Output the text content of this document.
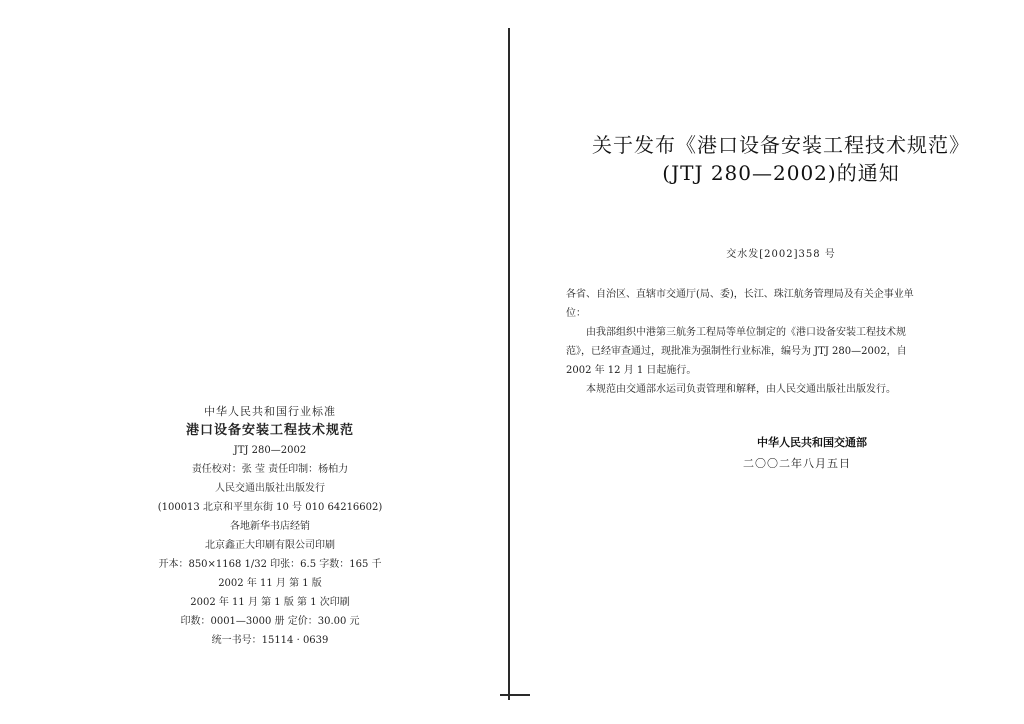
中华人民共和国行业标准
港口设备安装工程技术规范
JTJ 280—2002
责任校对：张 莹 责任印制：杨柏力
人民交通出版社出版发行
(100013 北京和平里东街 10 号 010 64216602)
各地新华书店经销
北京鑫正大印刷有限公司印刷
开本：850×1168 1/32 印张：6.5 字数：165 千
2002 年 11 月 第 1 版
2002 年 11 月 第 1 版 第 1 次印刷
印数：0001—3000 册 定价：30.00 元
统一书号：15114 · 0639
关于发布《港口设备安装工程技术规范》
(JTJ 280—2002)的通知
交水发[2002]358 号

各省、自治区、直辖市交通厅(局、委)，长江、珠江航务管理局及有关企事业单位：

由我部组织中港第三航务工程局等单位制定的《港口设备安装工程技术规范》，已经审查通过，现批准为强制性行业标准，编号为 JTJ 280—2002，自 2002 年 12 月 1 日起施行。

本规范由交通部水运司负责管理和解释，由人民交通出版社出版发行。

中华人民共和国交通部
二〇〇二年八月五日
